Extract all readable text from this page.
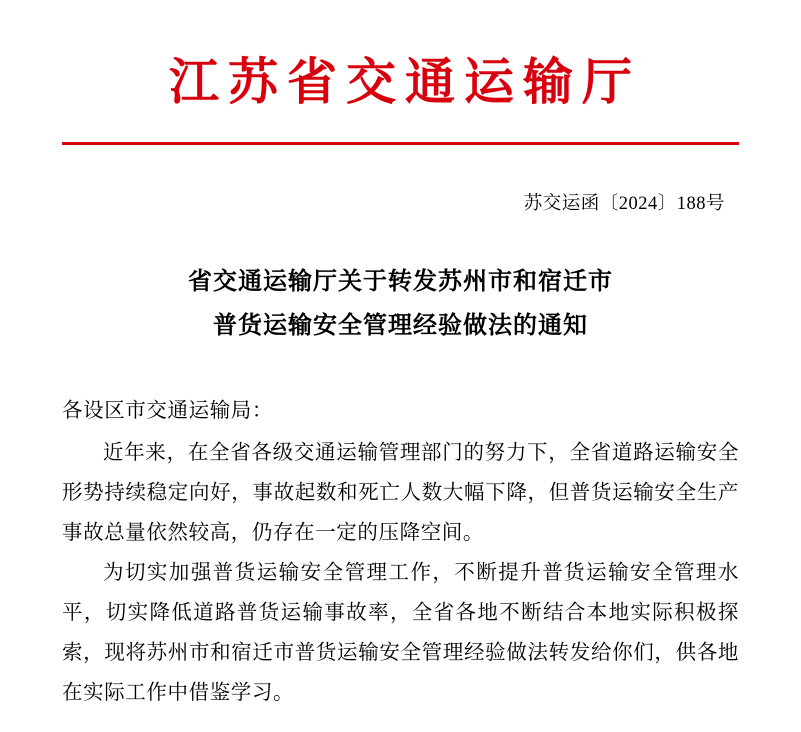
江苏省交通运输厅
苏交运函〔2024〕188号
省交通运输厅关于转发苏州市和宿迁市
普货运输安全管理经验做法的通知

各设区市交通运输局：

近年来，在全省各级交通运输管理部门的努力下，全省道路运输安全形势持续稳定向好，事故起数和死亡人数大幅下降，但普货运输安全生产事故总量依然较高，仍存在一定的压降空间。

为切实加强普货运输安全管理工作，不断提升普货运输安全管理水平，切实降低道路普货运输事故率，全省各地不断结合本地实际积极探索，现将苏州市和宿迁市普货运输安全管理经验做法转发给你们，供各地在实际工作中借鉴学习。
